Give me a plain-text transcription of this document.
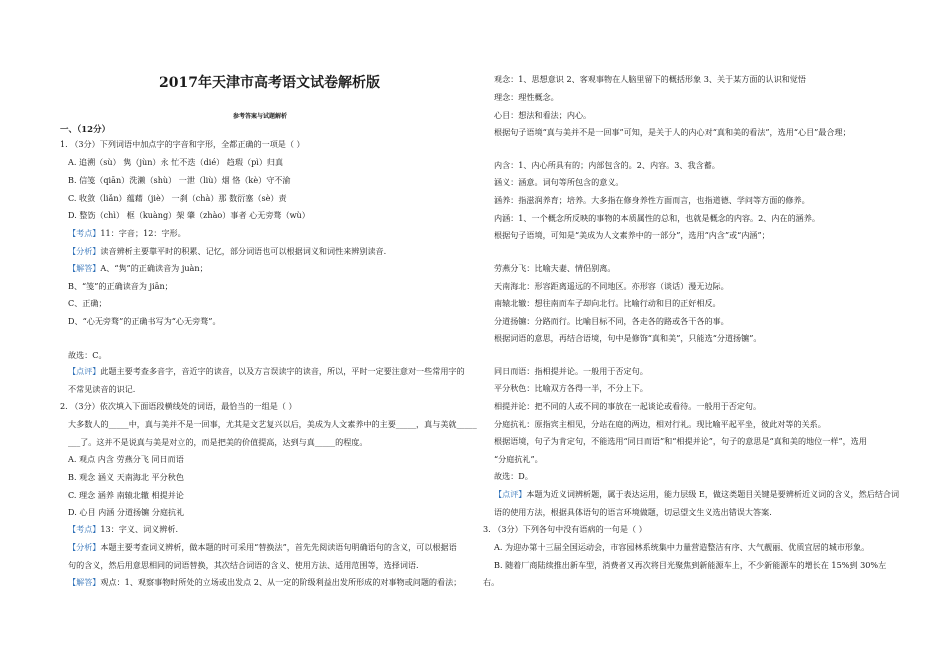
2017年天津市高考语文试卷解析版
参考答案与试题解析
一、（12分）
1. （3分）下列词语中加点字的字音和字形，全都正确的一项是（ ）
A. 追溯（sù） 隽（jùn）永 忙不迭（dié） 趋瑕（pì）归真
B. 信笺（qiān）洗濑（shù） 一泄（liù）烟 恪（kè）守不渝
C. 收敛（liǎn）蕴藉（jiè） 一刹（chà）那 数衍塞（sè）责
D. 整饬（chì） 框（kuàng）架 肇（zhào）事者 心无旁骛（wù）
【考点】11：字音；12：字形。
【分析】读音辨析主要靠平时的积累、记忆，部分词语也可以根据词义和词性来辨别读音.
【解答】A、“隽”的正确读音为 juàn；
B、“笺”的正确读音为 jiān；
C、正确；
D、“心无旁骛”的正确书写为“心无旁骛”。
故选：C。
【点评】此题主要考查多音字，音近字的读音，以及方言误读字的读音，所以，平时一定要注意对一些常用字的
不常见读音的识记.
2. （3分）依次填入下面语段横线处的词语，最恰当的一组是（ ）
大多数人的_____中，真与美并不是一回事，尤其是文艺复兴以后，美成为人文素养中的主要_____，真与美就_____
___了。这并不是说真与美是对立的，而是把美的价值提高，达到与真_____的程度。
A. 观点 内含 劳燕分飞 同日而语
B. 观念 涵义 天南海北 平分秋色
C. 理念 涵养 南辕北辙 相提并论
D. 心目 内涵 分道扬镳 分庭抗礼
【考点】13：字义、词义辨析.
【分析】本题主要考查词义辨析，做本题的时可采用“替换法”，首先先阅读语句明确语句的含义，可以根据语
句的含义，然后用意思相同的词语替换，其次结合词语的含义、使用方法、适用范围等，选择词语.
【解答】观点：1、观察事物时所处的立场或出发点 2、从一定的阶级利益出发所形成的对事物或问题的看法；
观念：1、思想意识 2、客观事物在人脑里留下的概括形象 3、关于某方面的认识和觉悟
理念：理性概念。
心目：想法和看法；内心。
根据句子语境“真与美并不是一回事”可知，是关于人的内心对“真和美的看法”，选用“心目”最合理；
内含：1、内心所具有的；内部包含的。2、内容。3、我含蓄。
涵义：涵意。词句等所包含的意义。
涵养：指滋润养育；培养。大多指在修身养性方面而言，也指道德、学问等方面的修养。
内涵：1、一个概念所反映的事物的本质属性的总和，也就是概念的内容。2、内在的涵养。
根据句子语境，可知是“美成为人文素养中的一部分”，选用“内含”或“内涵”；
劳燕分飞：比喻夫妻、情侣别离。
天南海北：形容距离遥远的不同地区。亦形容（谈话）漫无边际。
南辕北辙：想往南而车子却向北行。比喻行动和目的正好相反。
分道扬镳：分路而行。比喻目标不同，各走各的路或各干各的事。
根据词语的意思，再结合语境，句中是修饰“真和美”，只能选“分道扬镳”。
同日而语：指相提并论。一般用于否定句。
平分秋色：比喻双方各得一半，不分上下。
相提并论：把不同的人或不同的事放在一起谈论或看待。一般用于否定句。
分庭抗礼：原指宾主相见，分站在庭的两边，相对行礼。现比喻平起平坐，彼此对等的关系。
根据语境，句子为肯定句，不能选用“同日而语”和“相提并论”，句子的意思是“真和美的地位一样”，选用
“分庭抗礼”。
故选：D。
【点评】本题为近义词辨析题，属于表达运用，能力层级 E，做这类题目关键是要辨析近义词的含义，然后结合词
语的使用方法，根据具体语句的语言环境做题，切忌望文生义选出错误大答案.
3. （3分）下列各句中没有语病的一句是（ ）
A. 为迎办第十三届全国运动会，市容园林系统集中力量营造整洁有序、大气靓丽、优质宜居的城市形象。
B. 随着厂商陆续推出新车型，消费者又再次将目光聚焦到新能源车上，不少新能源车的增长在 15%到 30%左
右。
